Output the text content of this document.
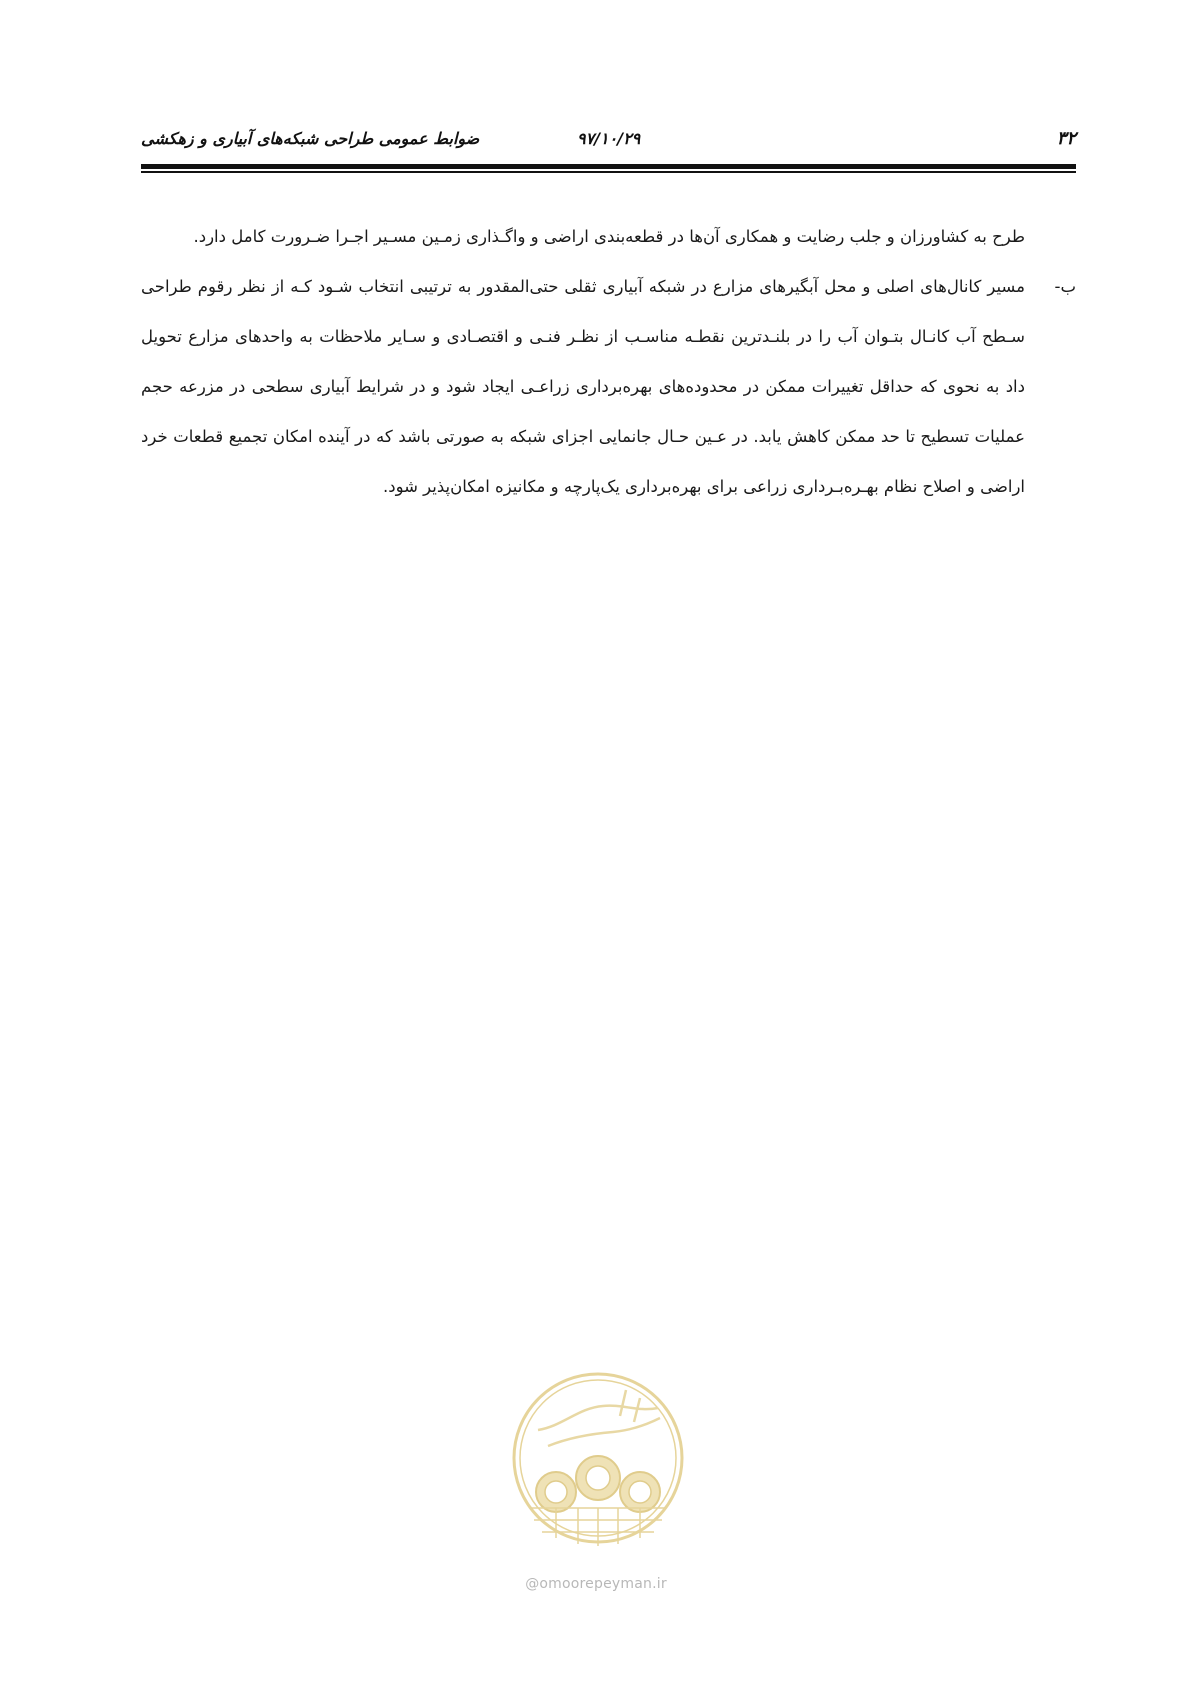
ضوابط عمومی طراحی شبکه‌های آبیاری و زهکشی	۹۷/۱۰/۲۹	۳۲

طرح به کشاورزان و جلب رضایت و همکاری آن‌ها در قطعه‌بندی اراضی و واگـذاری زمـین مسـیر اجـرا ضـرورت کامل دارد.

ب-

مسیر کانال‌های اصلی و محل آبگیرهای مزارع در شبکه آبیاری ثقلی حتی‌المقدور به ترتیبی انتخاب شـود کـه از نظر رقوم طراحی سـطح آب کانـال بتـوان آب را در بلنـدترین نقطـه مناسـب از نظـر فنـی و اقتصـادی و سـایر ملاحظات به واحدهای مزارع تحویل داد به نحوی که حداقل تغییرات ممکن در محدوده‌های بهره‌برداری زراعـی ایجاد شود و در شرایط آبیاری سطحی در مزرعه حجم عملیات تسطیح تا حد ممکن کاهش یابد. در عـین حـال جانمایی اجزای شبکه به صورتی باشد که در آینده امکان تجمیع قطعات خرد اراضی و اصلاح نظام بهـره‌بـرداری زراعی برای بهره‌برداری یک‌پارچه و مکانیزه امکان‌پذیر شود.

@omoorepeyman.ir
